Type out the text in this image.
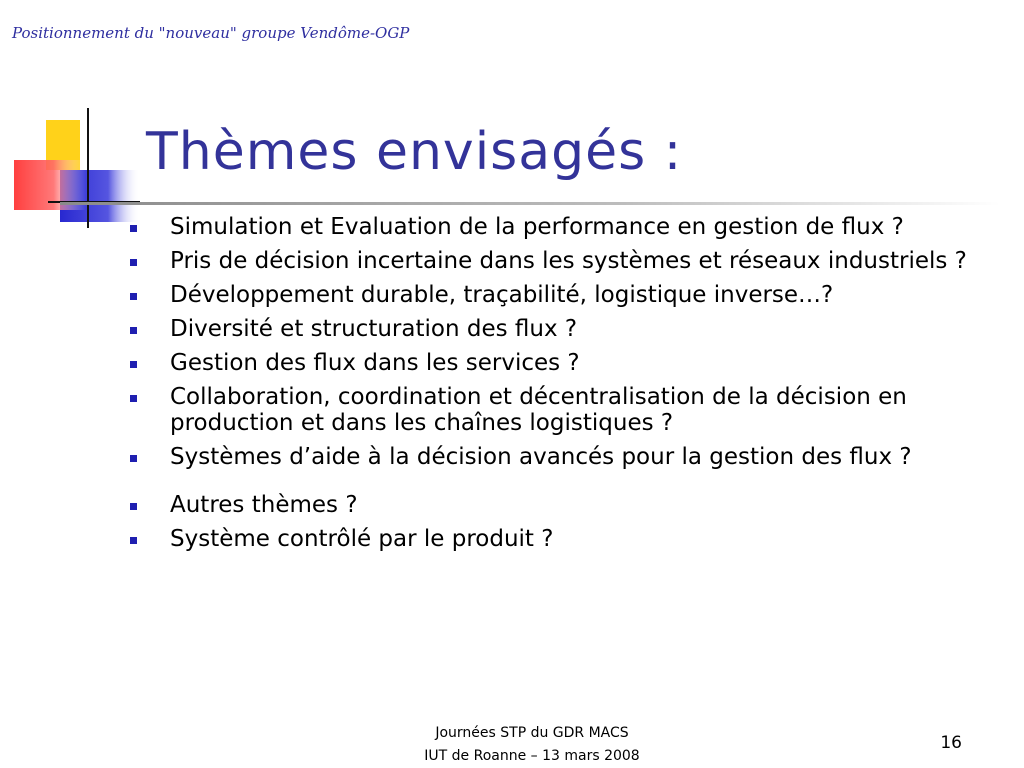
Positionnement du "nouveau" groupe Vendôme-OGP
Thèmes envisagés :
Simulation et Evaluation de la performance en gestion de flux ?
Pris de décision incertaine dans les systèmes et réseaux industriels ?
Développement durable, traçabilité, logistique inverse…?
Diversité et structuration des flux ?
Gestion des flux dans les services ?
Collaboration, coordination et décentralisation de la décision en production et dans les chaînes logistiques ?
Systèmes d’aide à la décision avancés pour la gestion des flux ?
Autres thèmes ?
Système contrôlé par le produit ?
Journées STP du GDR MACS
IUT de Roanne – 13 mars 2008
16
